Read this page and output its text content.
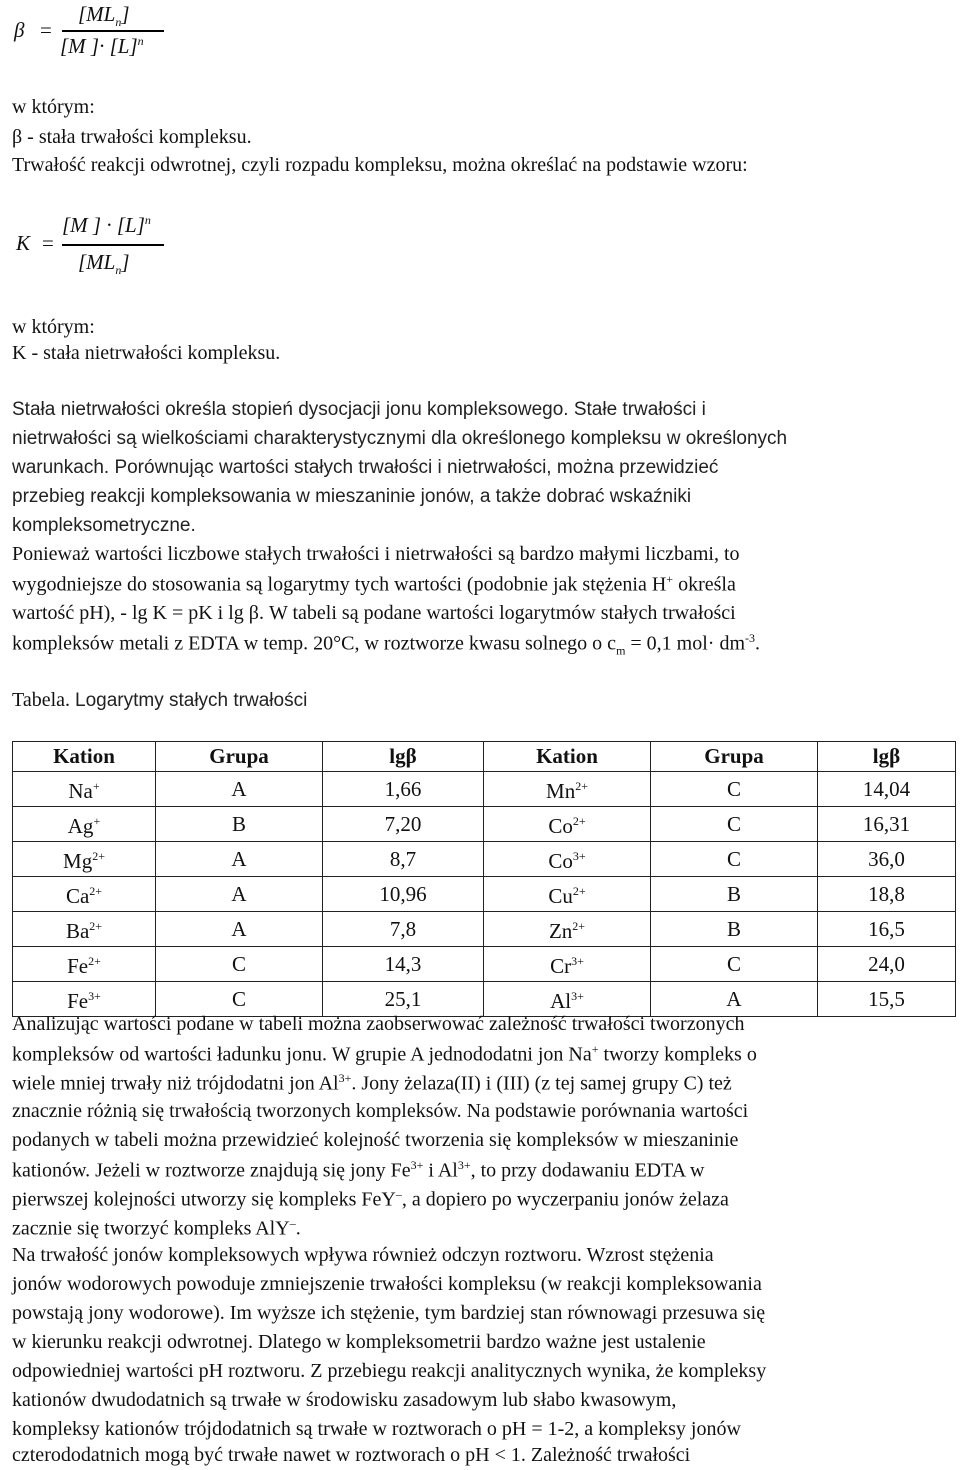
β =
$[ML_n]$
[M ]· $[L]^n$
w którym:
β - stała trwałości kompleksu.
Trwałość reakcji odwrotnej, czyli rozpadu kompleksu, można określać na podstawie wzoru:
K =
[M ] · $[L]^n$
$[ML_n]$
w którym:
K - stała nietrwałości kompleksu.
Stała nietrwałości określa stopień dysocjacji jonu kompleksowego. Stałe trwałości i
nietrwałości są wielkościami charakterystycznymi dla określonego kompleksu w określonych
warunkach. Porównując wartości stałych trwałości i nietrwałości, można przewidzieć
przebieg reakcji kompleksowania w mieszaninie jonów, a także dobrać wskaźniki
kompleksometryczne.
Ponieważ wartości liczbowe stałych trwałości i nietrwałości są bardzo małymi liczbami, to
wygodniejsze do stosowania są logarytmy tych wartości (podobnie jak stężenia H+ określa
wartość pH), - lg K = pK i lg β. W tabeli są podane wartości logarytmów stałych trwałości
kompleksów metali z EDTA w temp. 20°C, w roztworze kwasu solnego o $c_m = 0,1$ $mol\cdot dm^{-3}$.
Tabela. Logarytmy stałych trwałości
Kation	Grupa	lgβ	Kation	Grupa	lgβ
Na+	A	1,66	$Mn^{2+}$	C	14,04
Ag+	B	7,20	$Co^{2+}$	C	16,31
$Mg^{2+}$	A	8,7	$Co^{3+}$	C	36,0
$Ca^{2+}$	A	10,96	$Cu^{2+}$	B	18,8
$Ba^{2+}$	A	7,8	$Zn^{2+}$	B	16,5
$Fe^{2+}$	C	14,3	$Cr^{3+}$	C	24,0
$Fe^{3+}$	C	25,1	$Al^{3+}$	A	15,5
Analizując wartości podane w tabeli można zaobserwować zależność trwałości tworzonych
kompleksów od wartości ładunku jonu. W grupie A jednododatni jon Na+ tworzy kompleks o
wiele mniej trwały niż trójdodatni jon $Al^{3+}$. Jony żelaza(II) i (III) (z tej samej grupy C) też
znacznie różnią się trwałością tworzonych kompleksów. Na podstawie porównania wartości
podanych w tabeli można przewidzieć kolejność tworzenia się kompleksów w mieszaninie
kationów. Jeżeli w roztworze znajdują się jony $Fe^{3+}$ i $Al^{3+}$, to przy dodawaniu EDTA w
pierwszej kolejności utworzy się kompleks FeY–, a dopiero po wyczerpaniu jonów żelaza
zacznie się tworzyć kompleks AlY–.
Na trwałość jonów kompleksowych wpływa również odczyn roztworu. Wzrost stężenia
jonów wodorowych powoduje zmniejszenie trwałości kompleksu (w reakcji kompleksowania
powstają jony wodorowe). Im wyższe ich stężenie, tym bardziej stan równowagi przesuwa się
w kierunku reakcji odwrotnej. Dlatego w kompleksometrii bardzo ważne jest ustalenie
odpowiedniej wartości pH roztworu. Z przebiegu reakcji analitycznych wynika, że kompleksy
kationów dwudodatnich są trwałe w środowisku zasadowym lub słabo kwasowym,
kompleksy kationów trójdodatnich są trwałe w roztworach o pH = 1-2, a kompleksy jonów
czterododatnich mogą być trwałe nawet w roztworach o pH < 1. Zależność trwałości
